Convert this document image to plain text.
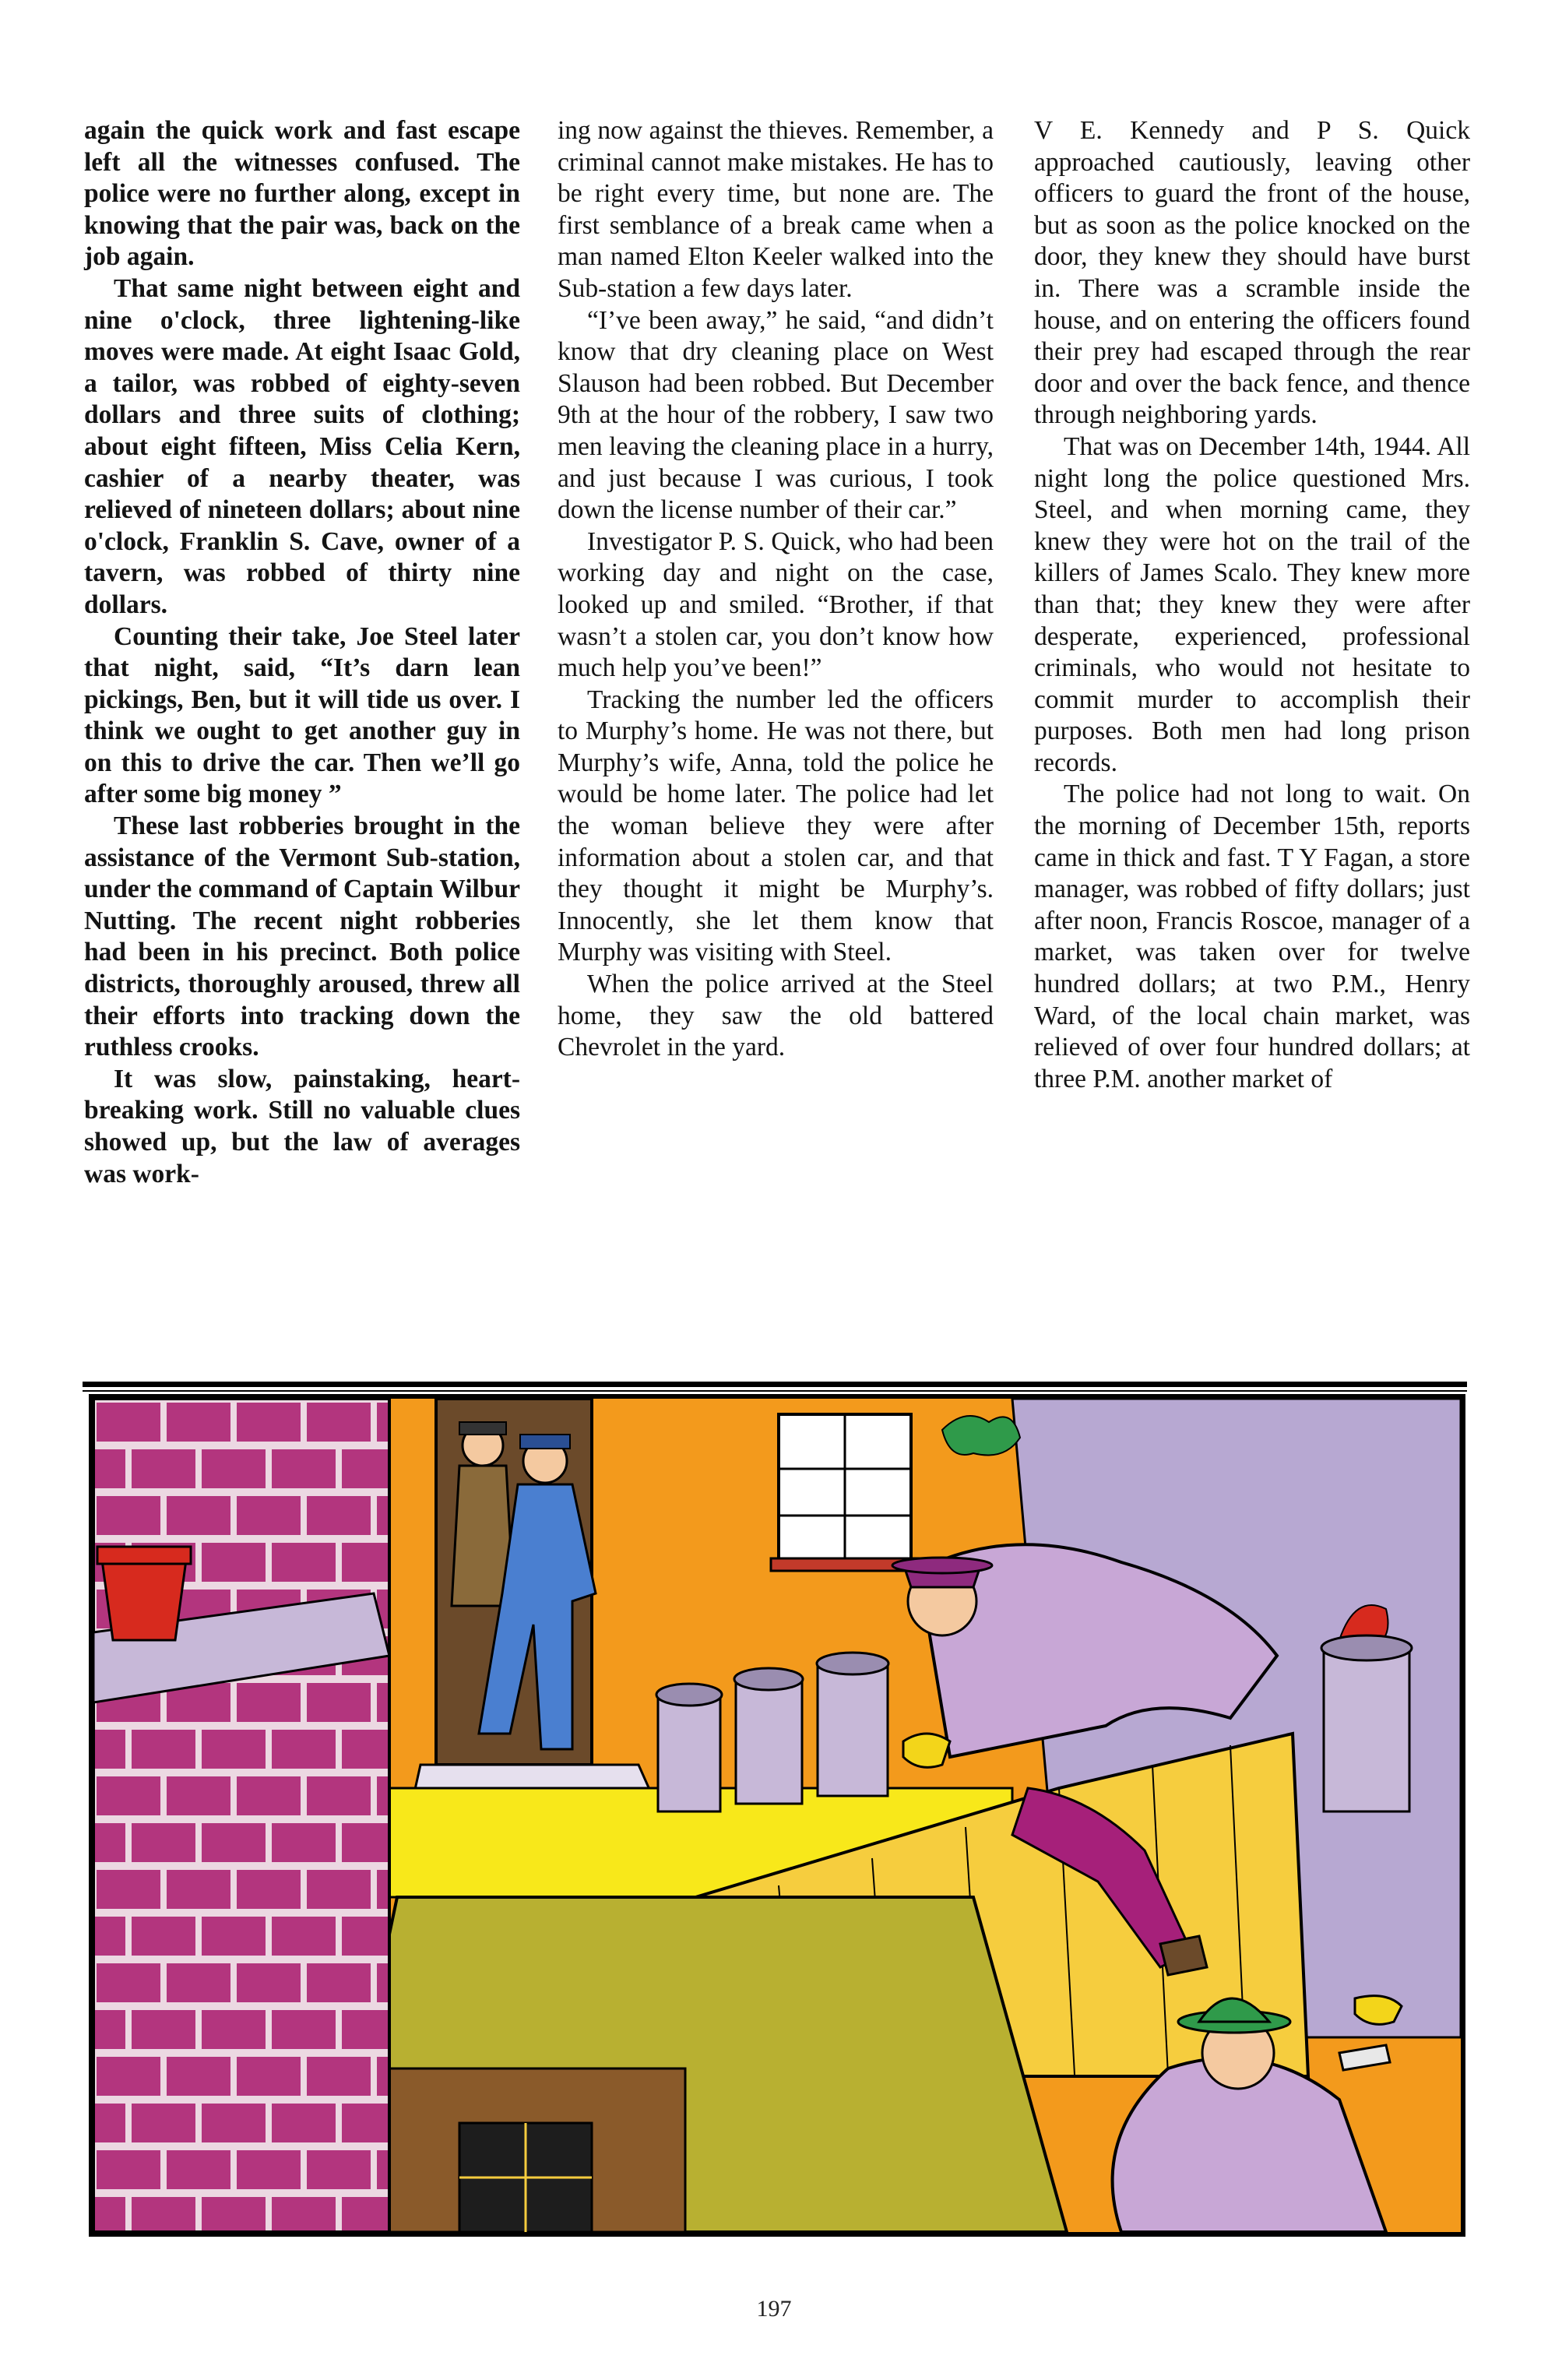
again the quick work and fast escape left all the witnesses confused. The police were no further along, except in knowing that the pair was, back on the job again.

That same night between eight and nine o'clock, three lightening-like moves were made. At eight Isaac Gold, a tailor, was robbed of eighty-seven dollars and three suits of clothing; about eight fifteen, Miss Celia Kern, cashier of a nearby theater, was relieved of nineteen dollars; about nine o'clock, Franklin S. Cave, owner of a tavern, was robbed of thirty nine dollars.

Counting their take, Joe Steel later that night, said, “It’s darn lean pickings, Ben, but it will tide us over. I think we ought to get another guy in on this to drive the car. Then we’ll go after some big money ”

These last robberies brought in the assistance of the Vermont Sub-station, under the command of Captain Wilbur Nutting. The recent night robberies had been in his precinct. Both police districts, thoroughly aroused, threw all their efforts into tracking down the ruthless crooks.

It was slow, painstaking, heart-breaking work. Still no valuable clues showed up, but the law of averages was work-

ing now against the thieves. Remember, a criminal cannot make mistakes. He has to be right every time, but none are. The first semblance of a break came when a man named Elton Keeler walked into the Sub-station a few days later.

“I’ve been away,” he said, “and didn’t know that dry cleaning place on West Slauson had been robbed. But December 9th at the hour of the robbery, I saw two men leaving the cleaning place in a hurry, and just because I was curious, I took down the license number of their car.”

Investigator P. S. Quick, who had been working day and night on the case, looked up and smiled. “Brother, if that wasn’t a stolen car, you don’t know how much help you’ve been!”

Tracking the number led the officers to Murphy’s home. He was not there, but Murphy’s wife, Anna, told the police he would be home later. The police had let the woman believe they were after information about a stolen car, and that they thought it might be Murphy’s. Innocently, she let them know that Murphy was visiting with Steel.

When the police arrived at the Steel home, they saw the old battered Chevrolet in the yard.

V E. Kennedy and P S. Quick approached cautiously, leaving other officers to guard the front of the house, but as soon as the police knocked on the door, they knew they should have burst in. There was a scramble inside the house, and on entering the officers found their prey had escaped through the rear door and over the back fence, and thence through neighboring yards.

That was on December 14th, 1944. All night long the police questioned Mrs. Steel, and when morning came, they knew they were hot on the trail of the killers of James Scalo. They knew more than that; they knew they were after desperate, experienced, professional criminals, who would not hesitate to commit murder to accomplish their purposes. Both men had long prison records.

The police had not long to wait. On the morning of December 15th, reports came in thick and fast. T Y Fagan, a store manager, was robbed of fifty dollars; just after noon, Francis Roscoe, manager of a market, was taken over for twelve hundred dollars; at two P.M., Henry Ward, of the local chain market, was relieved of over four hundred dollars; at three P.M. another market of

197
